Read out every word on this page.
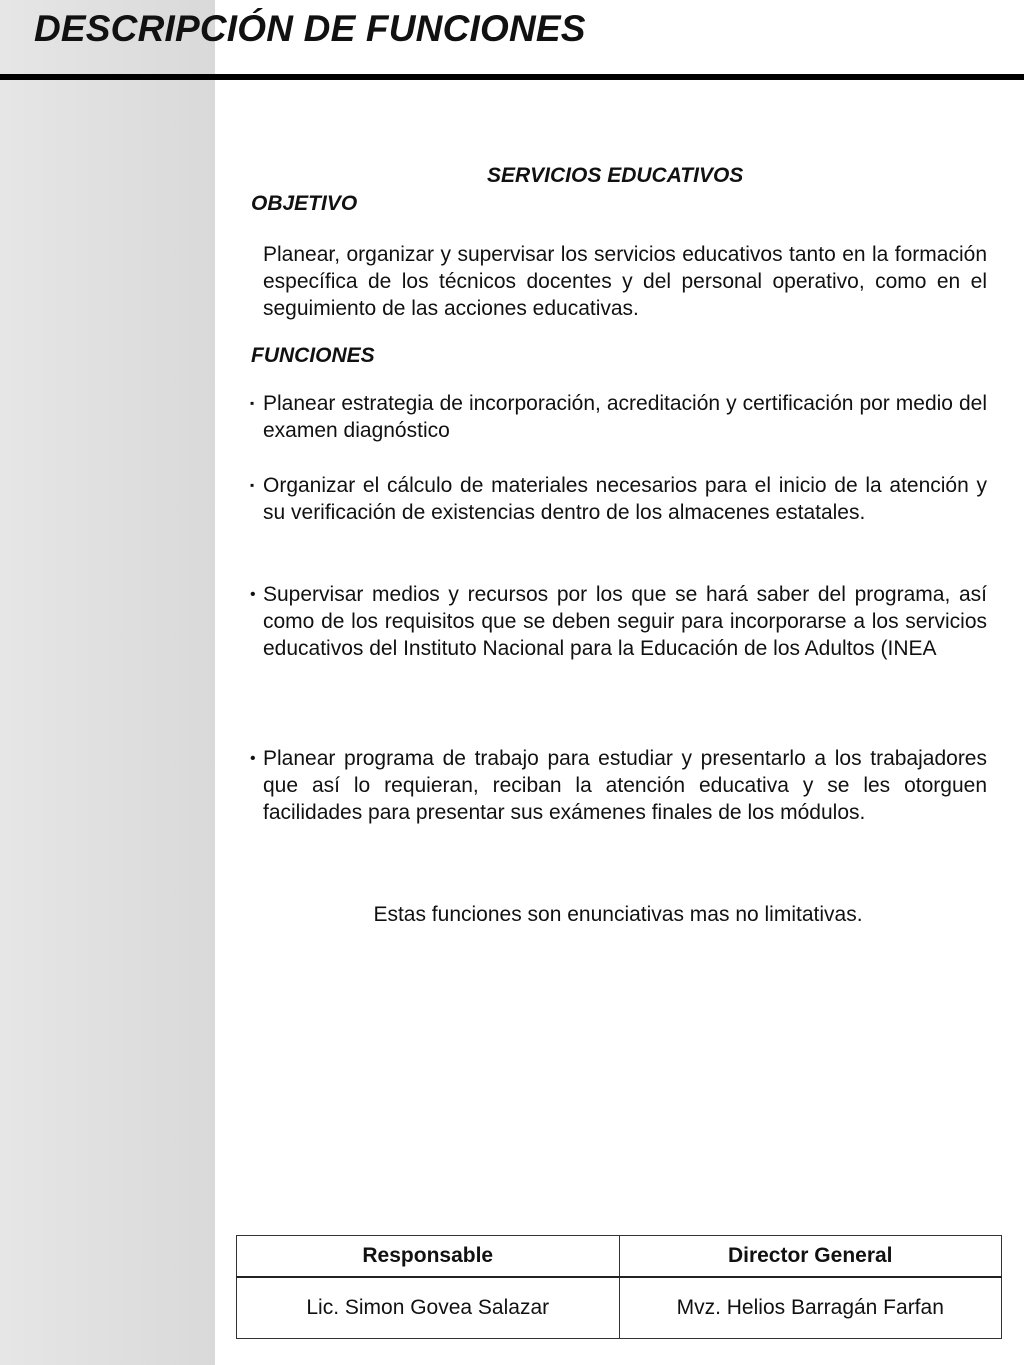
DESCRIPCIÓN DE FUNCIONES
SERVICIOS EDUCATIVOS
OBJETIVO
Planear, organizar y supervisar los servicios educativos tanto en la formación específica de los técnicos docentes y del personal operativo, como en el seguimiento de las acciones educativas.
FUNCIONES
▪ Planear estrategia de incorporación, acreditación y certificación por medio del examen diagnóstico
▪ Organizar el cálculo de materiales necesarios para el inicio de la atención y su verificación de existencias dentro de los almacenes estatales.
• Supervisar medios y recursos por los que se hará saber del programa, así como de los requisitos que se deben seguir para incorporarse a los servicios educativos del Instituto Nacional para la Educación de los Adultos (INEA
• Planear programa de trabajo para estudiar y presentarlo a los trabajadores que así lo requieran, reciban la atención educativa y se les otorguen facilidades para presentar sus exámenes finales de los módulos.
Estas funciones son enunciativas mas no limitativas.
Responsable	Director General
Lic. Simon Govea Salazar	Mvz. Helios Barragán Farfan
